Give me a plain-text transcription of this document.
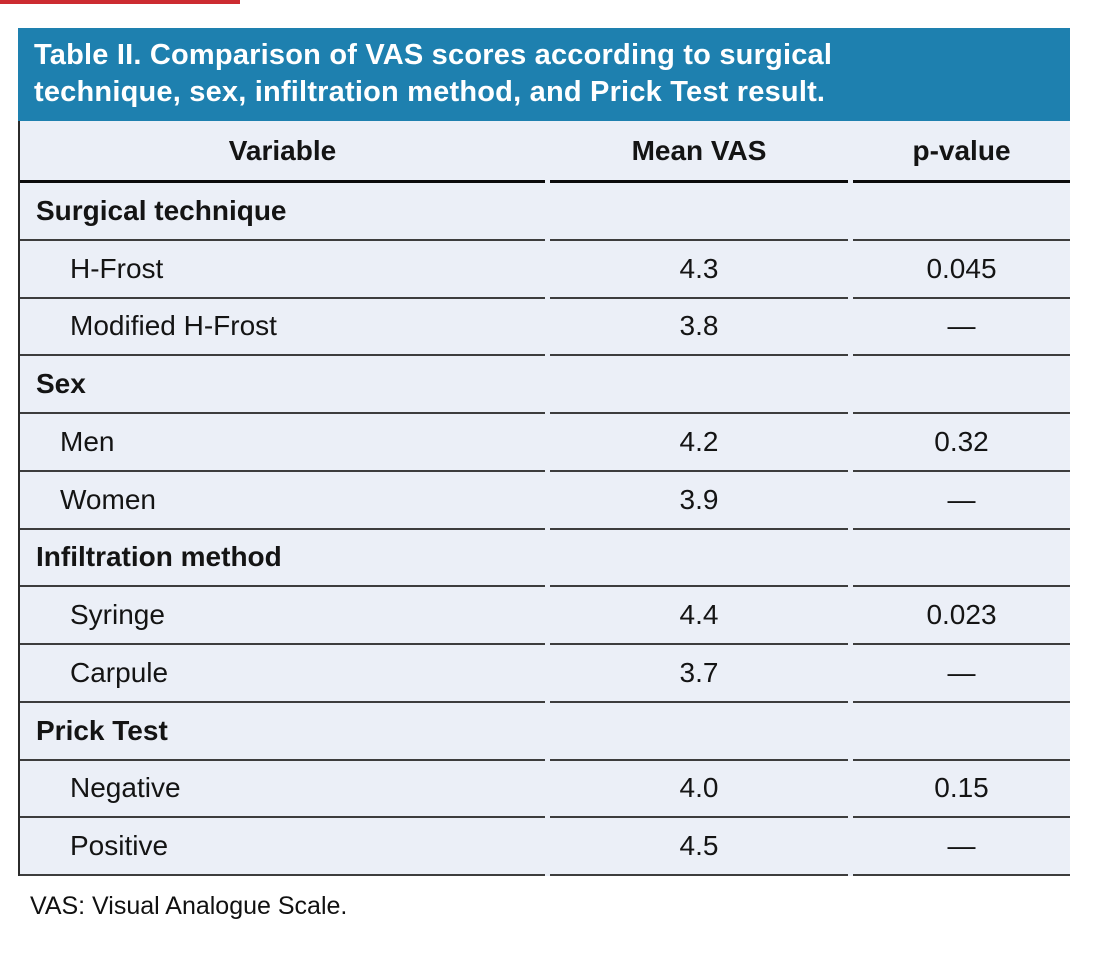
Table II. Comparison of VAS scores according to surgical
technique, sex, infiltration method, and Prick Test result.
Variable	Mean VAS	p-value
Surgical technique
H-Frost	4.3	0.045
Modified H-Frost	3.8	—
Sex
Men	4.2	0.32
Women	3.9	—
Infiltration method
Syringe	4.4	0.023
Carpule	3.7	—
Prick Test
Negative	4.0	0.15
Positive	4.5	—
VAS: Visual Analogue Scale.
